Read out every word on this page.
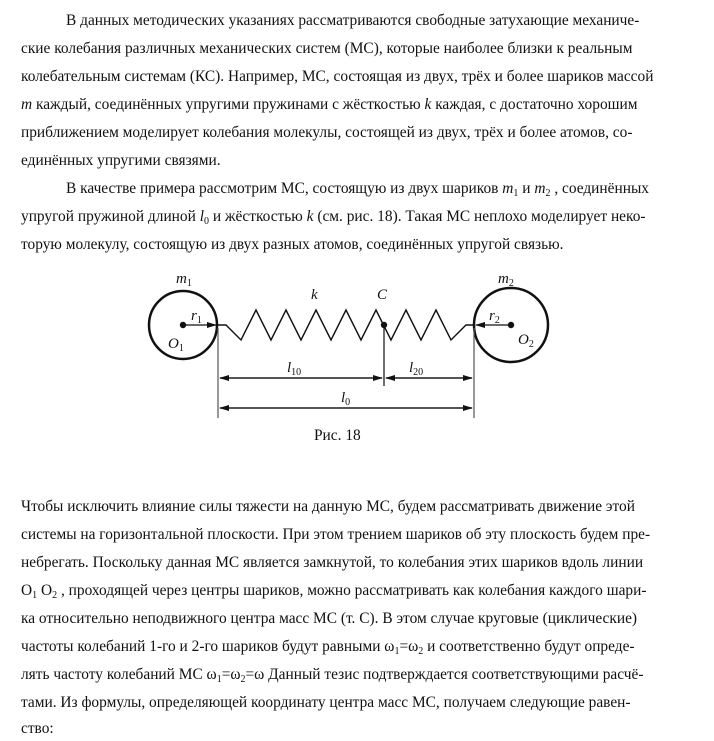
В данных методических указаниях рассматриваются свободные затухающие механиче-
ские колебания различных механических систем (МС), которые наиболее близки к реальным
колебательным системам (КС). Например, МС, состоящая из двух, трёх и более шариков массой
m каждый, соединённых упругими пружинами с жёсткостью k каждая, с достаточно хорошим
приближением моделирует колебания молекулы, состоящей из двух, трёх и более атомов, со-
единённых упругими связями.
В качестве примера рассмотрим МС, состоящую из двух шариков $m_1$ и $m_2$ , соединённых
упругой пружиной длиной $l_0$ и жёсткостью k (см. рис. 18). Такая МС неплохо моделирует неко-
торую молекулу, состоящую из двух разных атомов, соединённых упругой связью.
$m_1$	$m_2$
k	C
$r_1$	$r_2$
$O_1$
$O_2$
$l_{10}$	$l_{20}$
$l_0$
Рис. 18
Чтобы исключить влияние силы тяжести на данную МС, будем рассматривать движение этой
системы на горизонтальной плоскости. При этом трением шариков об эту плоскость будем пре-
небрегать. Поскольку данная МС является замкнутой, то колебания этих шариков вдоль линии
$O_1$ $O_2$ , проходящей через центры шариков, можно рассматривать как колебания каждого шари-
ка относительно неподвижного центра масс МС (т. С). В этом случае круговые (циклические)
частоты колебаний 1-го и 2-го шариков будут равными $\omega_1=\omega_2$ и соответственно будут опреде-
лять частоту колебаний МС $\omega_1=\omega_2=\omega$ Данный тезис подтверждается соответствующими расчё-
тами. Из формулы, определяющей координату центра масс МС, получаем следующие равен-
ство:
